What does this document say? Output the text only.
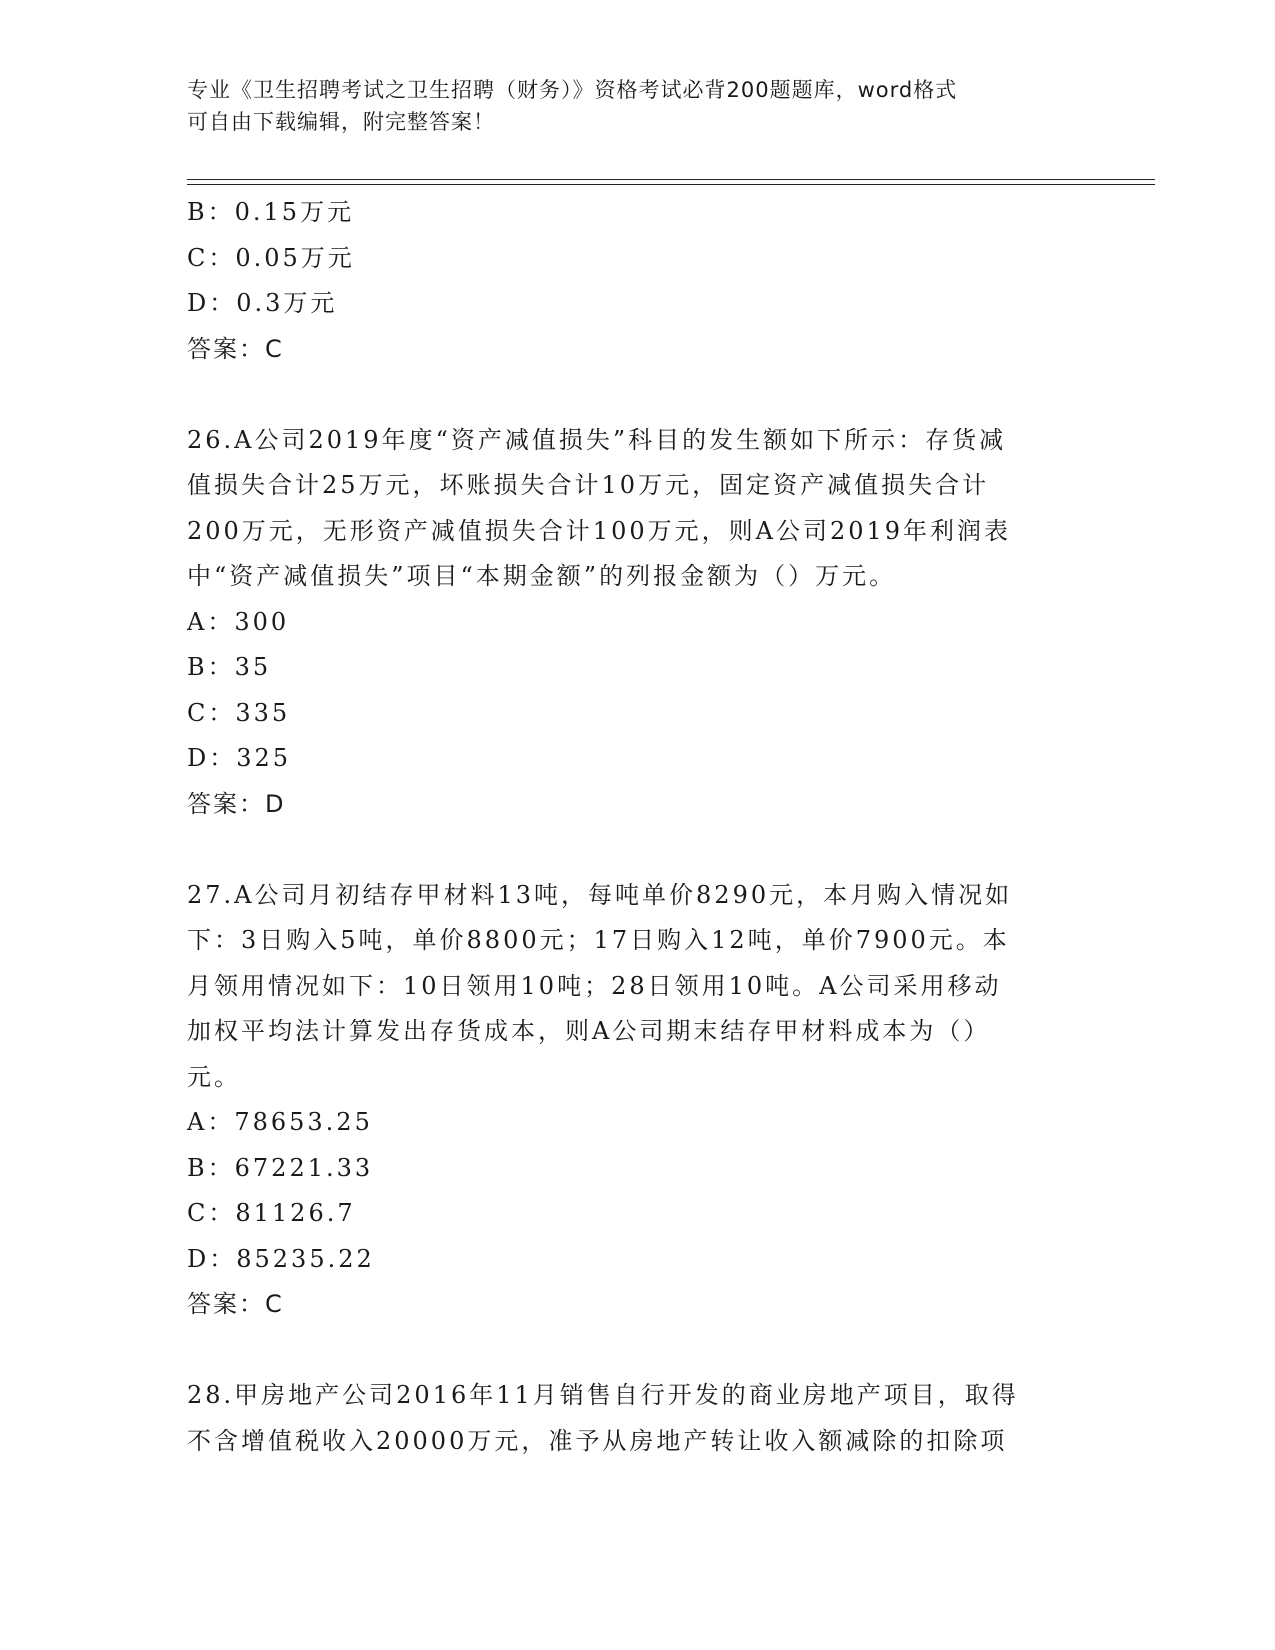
专业《卫生招聘考试之卫生招聘（财务）》资格考试必背200题题库，word格式
可自由下载编辑，附完整答案！
B：0.15万元
C：0.05万元
D：0.3万元
答案：C
26.A公司2019年度“资产减值损失”科目的发生额如下所示：存货减
值损失合计25万元，坏账损失合计10万元，固定资产减值损失合计
200万元，无形资产减值损失合计100万元，则A公司2019年利润表
中“资产减值损失”项目“本期金额”的列报金额为（）万元。
A：300
B：35
C：335
D：325
答案：D
27.A公司月初结存甲材料13吨，每吨单价8290元，本月购入情况如
下：3日购入5吨，单价8800元；17日购入12吨，单价7900元。本
月领用情况如下：10日领用10吨；28日领用10吨。A公司采用移动
加权平均法计算发出存货成本，则A公司期末结存甲材料成本为（）
元。
A：78653.25
B：67221.33
C：81126.7
D：85235.22
答案：C
28.甲房地产公司2016年11月销售自行开发的商业房地产项目，取得
不含增值税收入20000万元，准予从房地产转让收入额减除的扣除项
